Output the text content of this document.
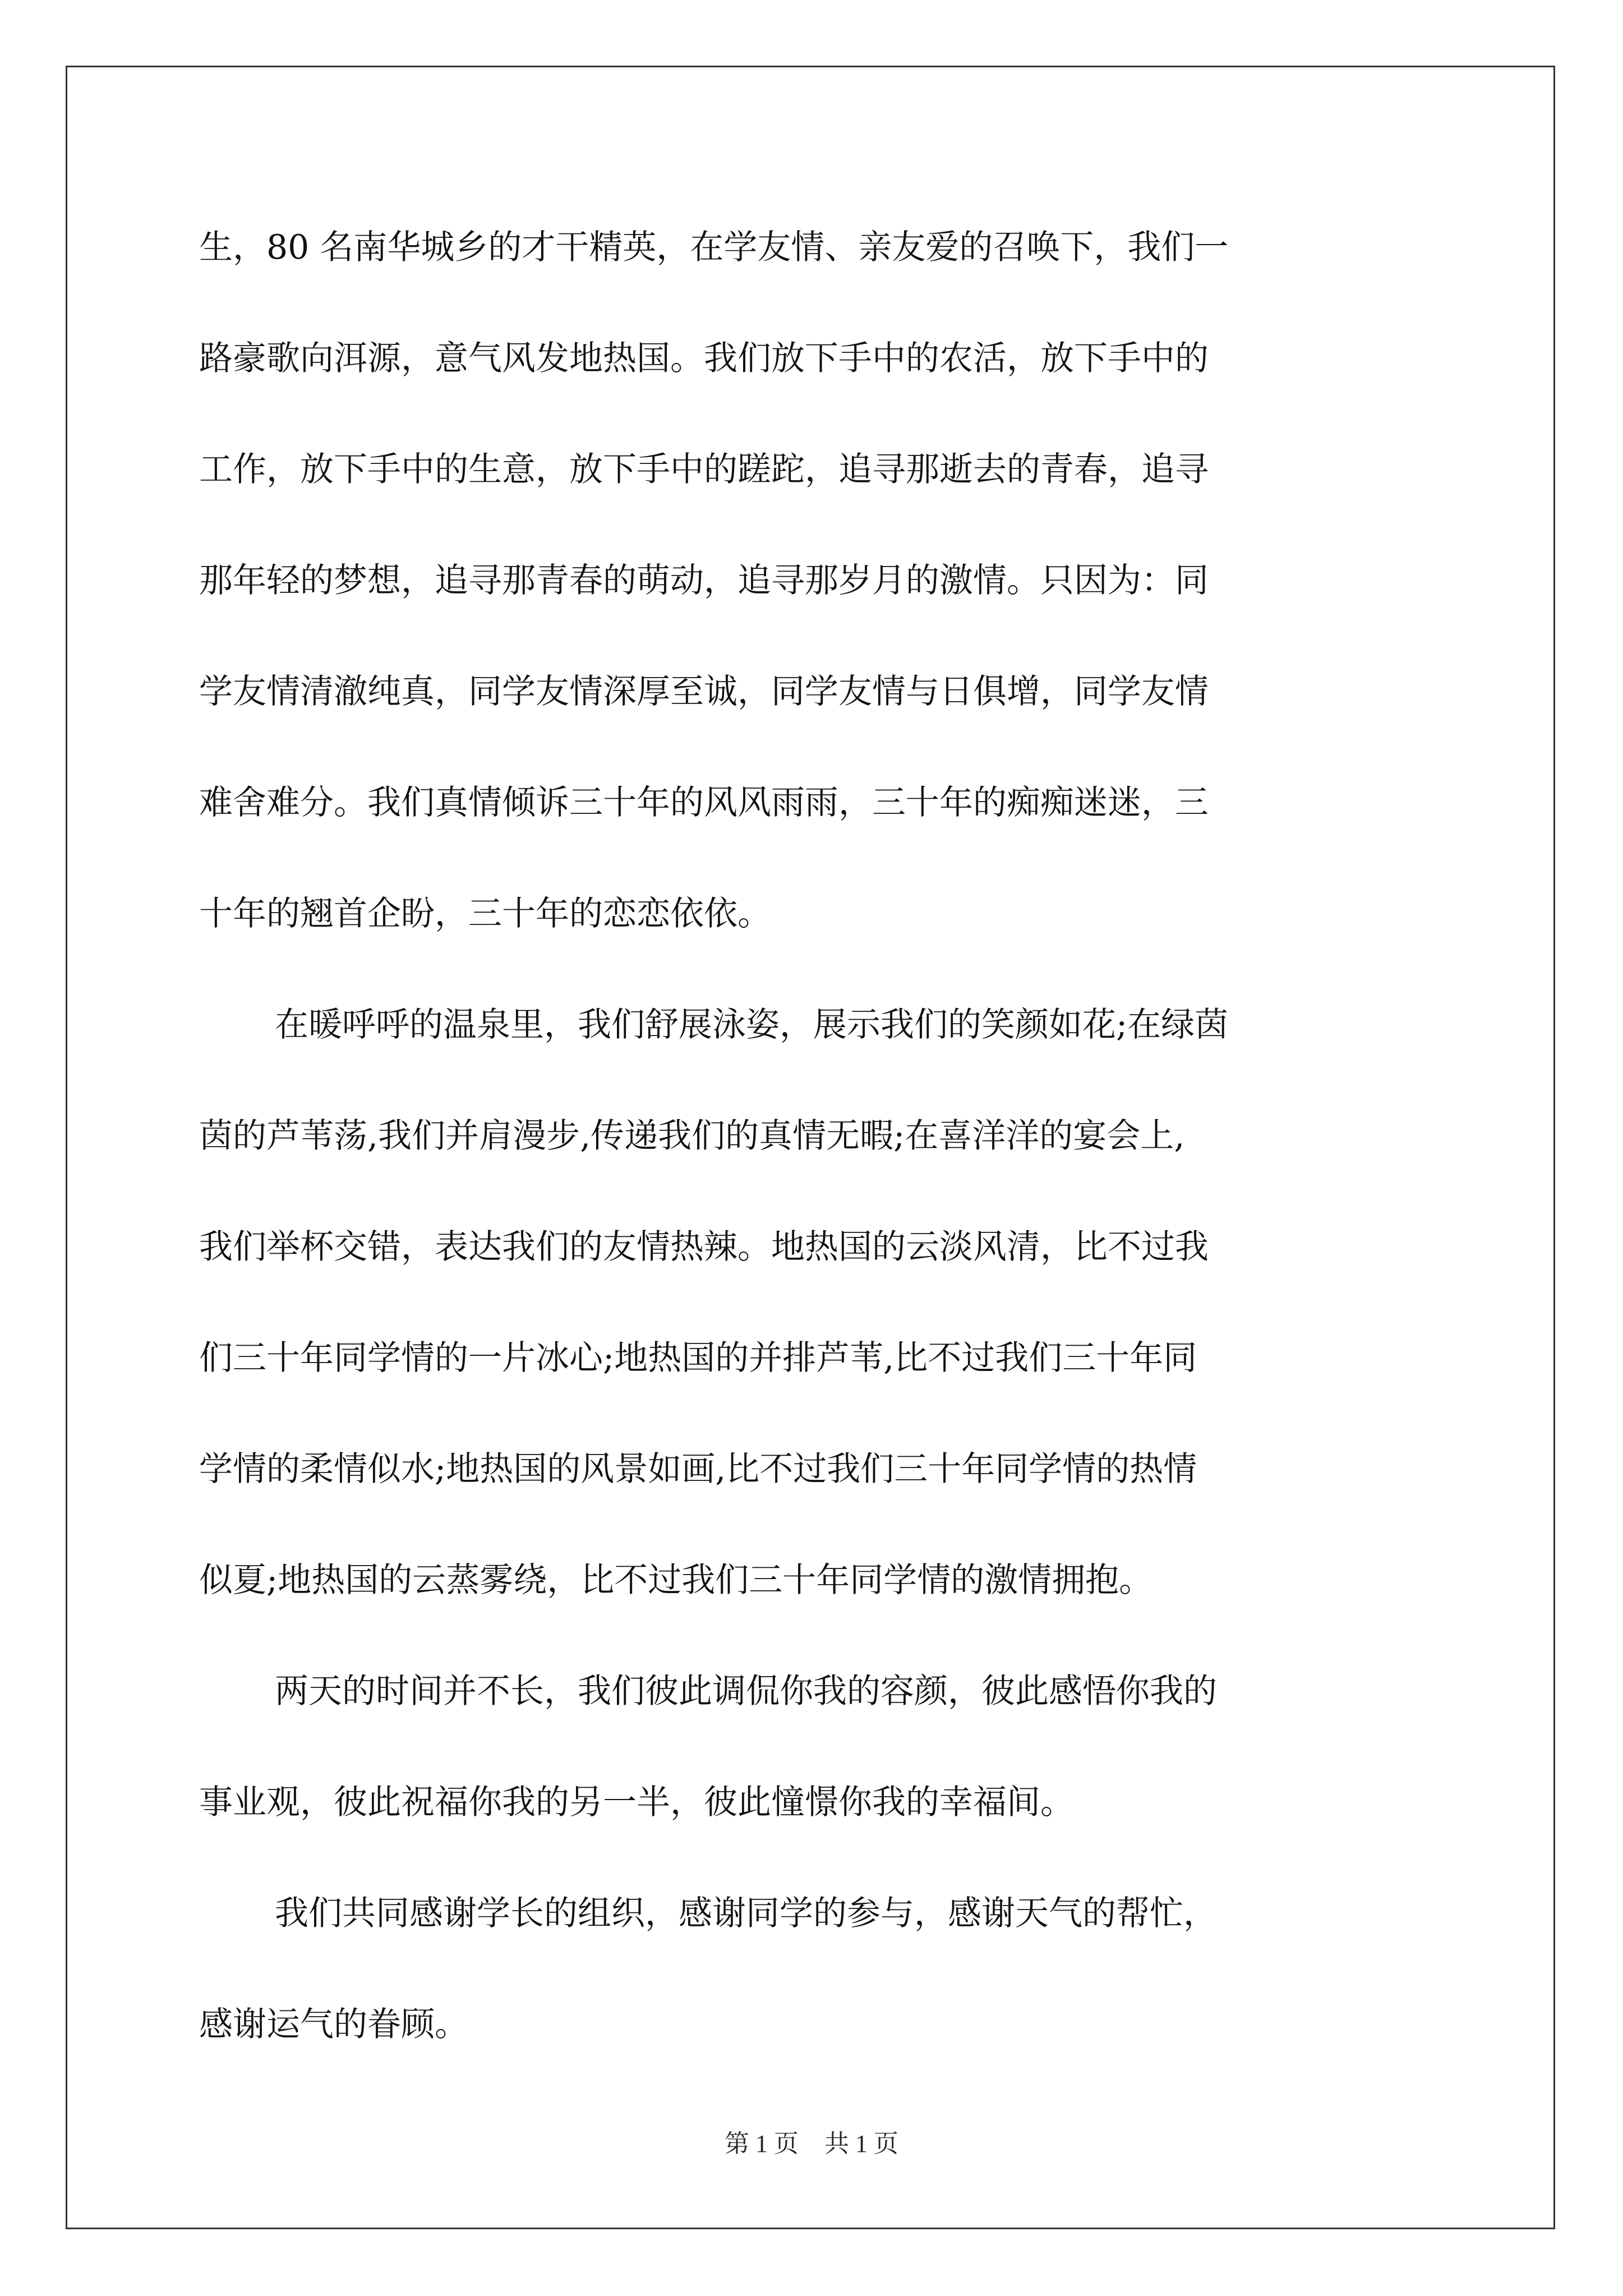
生，80 名南华城乡的才干精英，在学友情、亲友爱的召唤下，我们一
路豪歌向洱源，意气风发地热国。我们放下手中的农活，放下手中的
工作，放下手中的生意，放下手中的蹉跎，追寻那逝去的青春，追寻
那年轻的梦想，追寻那青春的萌动，追寻那岁月的激情。只因为：同
学友情清澈纯真，同学友情深厚至诚，同学友情与日俱增，同学友情
难舍难分。我们真情倾诉三十年的风风雨雨，三十年的痴痴迷迷，三
十年的翘首企盼，三十年的恋恋依依。

在暖呼呼的温泉里，我们舒展泳姿，展示我们的笑颜如花;在绿茵
茵的芦苇荡,我们并肩漫步,传递我们的真情无暇;在喜洋洋的宴会上,
我们举杯交错，表达我们的友情热辣。地热国的云淡风清，比不过我
们三十年同学情的一片冰心;地热国的并排芦苇,比不过我们三十年同
学情的柔情似水;地热国的风景如画,比不过我们三十年同学情的热情
似夏;地热国的云蒸雾绕，比不过我们三十年同学情的激情拥抱。

两天的时间并不长，我们彼此调侃你我的容颜，彼此感悟你我的
事业观，彼此祝福你我的另一半，彼此憧憬你我的幸福间。

我们共同感谢学长的组织，感谢同学的参与，感谢天气的帮忙，
感谢运气的眷顾。

第 1 页 共 1 页
